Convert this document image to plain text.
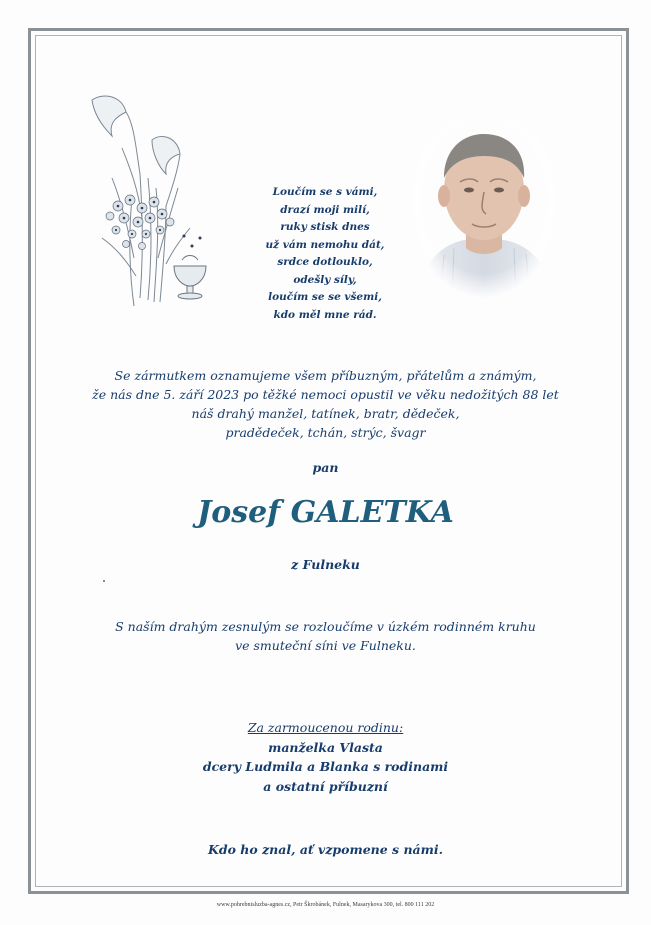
Loučím se s vámi,
drazí moji milí,
ruky stisk dnes
už vám nemohu dát,
srdce dotlouklo,
odešly síly,
loučím se se všemi,
kdo měl mne rád.
Se zármutkem oznamujeme všem příbuzným, přátelům a známým,
že nás dne 5. září 2023 po těžké nemoci opustil ve věku nedožitých 88 let
náš drahý manžel, tatínek, bratr, dědeček,
pradědeček, tchán, strýc, švagr
pan
Josef GALETKA
z Fulneku
S naším drahým zesnulým se rozloučíme v úzkém rodinném kruhu
ve smuteční síni ve Fulneku.
Za zarmoucenou rodinu:
manželka Vlasta
dcery Ludmila a Blanka s rodinami
a ostatní příbuzní
Kdo ho znal, ať vzpomene s námi.
www.pohrebnisluzba-agnes.cz, Petr Škrobánek, Fulnek, Masarykova 300, tel. 800 111 202
